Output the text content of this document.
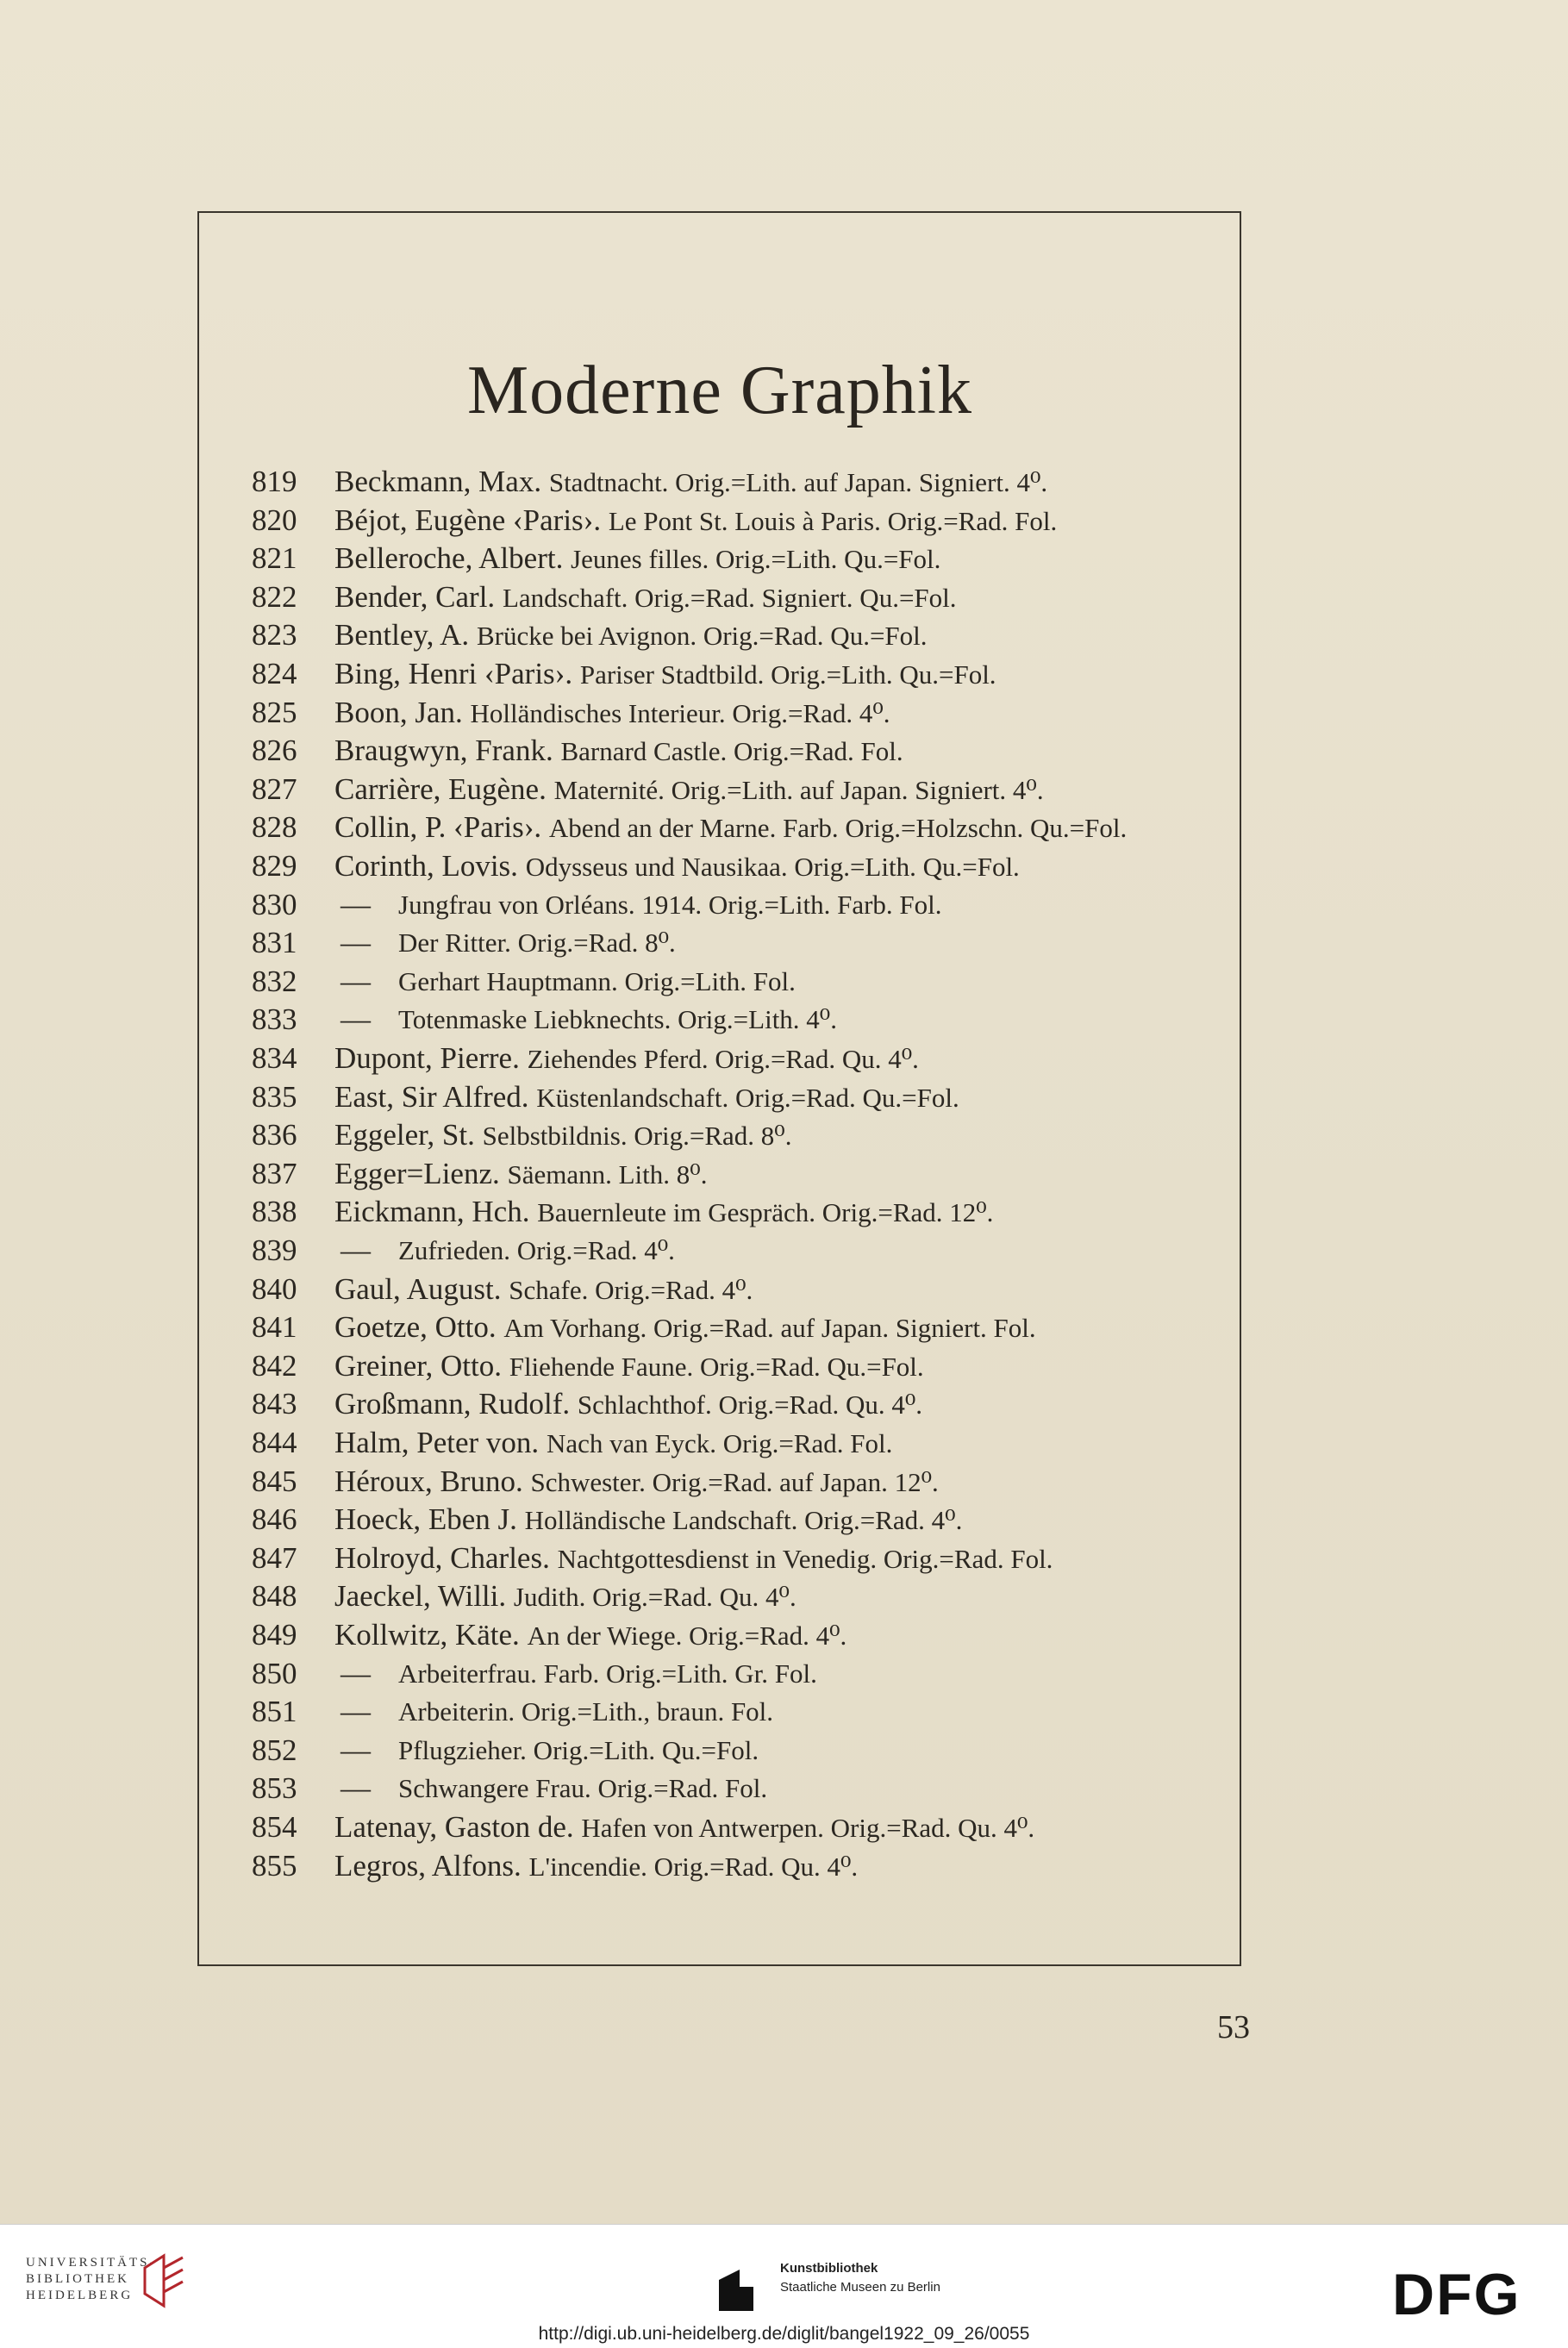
Moderne Graphik
819	Beckmann, Max. Stadtnacht. Orig.=Lith. auf Japan. Signiert. 4⁰.
820	Béjot, Eugène ‹Paris›. Le Pont St. Louis à Paris. Orig.=Rad. Fol.
821	Belleroche, Albert. Jeunes filles. Orig.=Lith. Qu.=Fol.
822	Bender, Carl. Landschaft. Orig.=Rad. Signiert. Qu.=Fol.
823	Bentley, A. Brücke bei Avignon. Orig.=Rad. Qu.=Fol.
824	Bing, Henri ‹Paris›. Pariser Stadtbild. Orig.=Lith. Qu.=Fol.
825	Boon, Jan. Holländisches Interieur. Orig.=Rad. 4⁰.
826	Braugwyn, Frank. Barnard Castle. Orig.=Rad. Fol.
827	Carrière, Eugène. Maternité. Orig.=Lith. auf Japan. Signiert. 4⁰.
828	Collin, P. ‹Paris›. Abend an der Marne. Farb. Orig.=Holzschn. Qu.=Fol.
829	Corinth, Lovis. Odysseus und Nausikaa. Orig.=Lith. Qu.=Fol.
830	— Jungfrau von Orléans. 1914. Orig.=Lith. Farb. Fol.
831	— Der Ritter. Orig.=Rad. 8⁰.
832	— Gerhart Hauptmann. Orig.=Lith. Fol.
833	— Totenmaske Liebknechts. Orig.=Lith. 4⁰.
834	Dupont, Pierre. Ziehendes Pferd. Orig.=Rad. Qu. 4⁰.
835	East, Sir Alfred. Küstenlandschaft. Orig.=Rad. Qu.=Fol.
836	Eggeler, St. Selbstbildnis. Orig.=Rad. 8⁰.
837	Egger=Lienz. Säemann. Lith. 8⁰.
838	Eickmann, Hch. Bauernleute im Gespräch. Orig.=Rad. 12⁰.
839	— Zufrieden. Orig.=Rad. 4⁰.
840	Gaul, August. Schafe. Orig.=Rad. 4⁰.
841	Goetze, Otto. Am Vorhang. Orig.=Rad. auf Japan. Signiert. Fol.
842	Greiner, Otto. Fliehende Faune. Orig.=Rad. Qu.=Fol.
843	Großmann, Rudolf. Schlachthof. Orig.=Rad. Qu. 4⁰.
844	Halm, Peter von. Nach van Eyck. Orig.=Rad. Fol.
845	Héroux, Bruno. Schwester. Orig.=Rad. auf Japan. 12⁰.
846	Hoeck, Eben J. Holländische Landschaft. Orig.=Rad. 4⁰.
847	Holroyd, Charles. Nachtgottesdienst in Venedig. Orig.=Rad. Fol.
848	Jaeckel, Willi. Judith. Orig.=Rad. Qu. 4⁰.
849	Kollwitz, Käte. An der Wiege. Orig.=Rad. 4⁰.
850	— Arbeiterfrau. Farb. Orig.=Lith. Gr. Fol.
851	— Arbeiterin. Orig.=Lith., braun. Fol.
852	— Pflugzieher. Orig.=Lith. Qu.=Fol.
853	— Schwangere Frau. Orig.=Rad. Fol.
854	Latenay, Gaston de. Hafen von Antwerpen. Orig.=Rad. Qu. 4⁰.
855	Legros, Alfons. L'incendie. Orig.=Rad. Qu. 4⁰.
53
UNIVERSITÄTS-
BIBLIOTHEK
HEIDELBERG
Kunstbibliothek
Staatliche Museen zu Berlin	DFG
http://digi.ub.uni-heidelberg.de/diglit/bangel1922_09_26/0055
